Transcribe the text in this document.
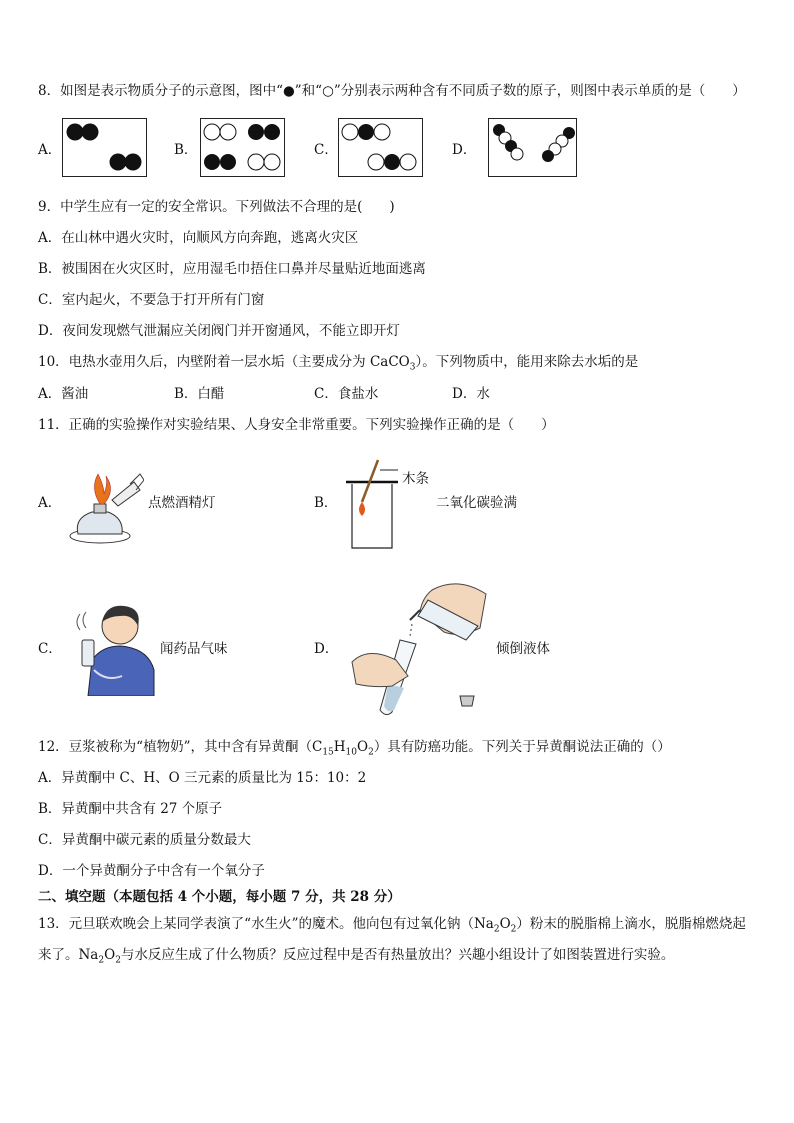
8．如图是表示物质分子的示意图，图中“●”和“○”分别表示两种含有不同质子数的原子，则图中表示单质的是（　　）
A．	B．	C．	D．
9．中学生应有一定的安全常识。下列做法不合理的是(　　)
A．在山林中遇火灾时，向顺风方向奔跑，逃离火灾区
B．被围困在火灾区时，应用湿毛巾捂住口鼻并尽量贴近地面逃离
C．室内起火，不要急于打开所有门窗
D．夜间发现燃气泄漏应关闭阀门并开窗通风，不能立即开灯
10．电热水壶用久后，内壁附着一层水垢（主要成分为 CaCO$_3$）。下列物质中，能用来除去水垢的是
A．酱油	B．白醋	C．食盐水	D．水
11．正确的实验操作对实验结果、人身安全非常重要。下列实验操作正确的是（　　）
A．	点燃酒精灯	B．
木条
二氧化碳验满
C．	闻药品气味	D．	倾倒液体
12．豆浆被称为“植物奶”，其中含有异黄酮$(C_{15}H_{10}O_2)$具有防癌功能。下列关于异黄酮说法正确的（）
A．异黄酮中 C、H、O 三元素的质量比为 15：10：2
B．异黄酮中共含有 27 个原子
C．异黄酮中碳元素的质量分数最大
D．一个异黄酮分子中含有一个氧分子
二、填空题（本题包括 4 个小题，每小题 7 分，共 28 分）
13．元旦联欢晚会上某同学表演了“水生火”的魔术。他向包有过氧化钠$(Na_2O_2)$粉末的脱脂棉上滴水，脱脂棉燃烧起
来了。$Na_2O_2$与水反应生成了什么物质？反应过程中是否有热量放出？兴趣小组设计了如图装置进行实验。
